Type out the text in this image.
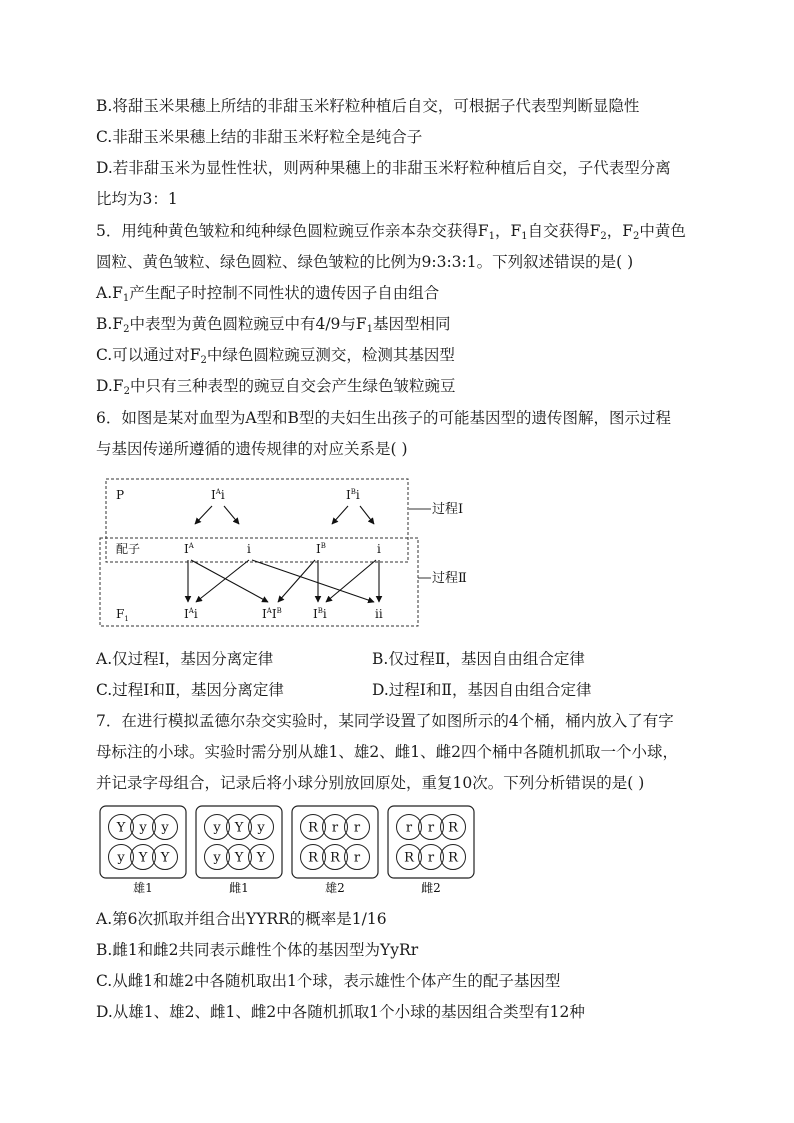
B.将甜玉米果穗上所结的非甜玉米籽粒种植后自交，可根据子代表型判断显隐性
C.非甜玉米果穗上结的非甜玉米籽粒全是纯合子
D.若非甜玉米为显性性状，则两种果穗上的非甜玉米籽粒种植后自交，子代表型分离
比均为3：1
5．用纯种黄色皱粒和纯种绿色圆粒豌豆作亲本杂交获得$F_1$，$F_1$自交获得$F_2$，$F_2$中黄色
圆粒、黄色皱粒、绿色圆粒、绿色皱粒的比例为9:3:3:1。下列叙述错误的是( )
$A.F_1$产生配子时控制不同性状的遗传因子自由组合
$B.F_2$中表型为黄色圆粒豌豆中有4/9与$F_1$基因型相同
C.可以通过对$F_2$中绿色圆粒豌豆测交，检测其基因型
$D.F_2$中只有三种表型的豌豆自交会产生绿色皱粒豌豆
6．如图是某对血型为A型和B型的夫妇生出孩子的可能基因型的遗传图解，图示过程
与基因传递所遵循的遗传规律的对应关系是( )
过程Ⅰ
过程Ⅱ
P	$I^Ai$	$I^Bi$
配子	$I^A$	i	$I^B$	i
$F_1$	$I^Ai$	$I^AI^B$	$I^Bi$	ii
A.仅过程Ⅰ，基因分离定律	B.仅过程Ⅱ，基因自由组合定律
C.过程Ⅰ和Ⅱ，基因分离定律	D.过程Ⅰ和Ⅱ，基因自由组合定律
7．在进行模拟孟德尔杂交实验时，某同学设置了如图所示的4个桶，桶内放入了有字
母标注的小球。实验时需分别从雄1、雄2、雌1、雌2四个桶中各随机抓取一个小球，
并记录字母组合，记录后将小球分别放回原处，重复10次。下列分析错误的是( )
Y y y
y Y Y
雄1
y Y y
y Y Y
雌1
R r r
R R r
雄2
r r R
R r R
雌2
A.第6次抓取并组合出YYRR的概率是1/16
B.雌1和雌2共同表示雌性个体的基因型为YyRr
C.从雌1和雄2中各随机取出1个球，表示雄性个体产生的配子基因型
D.从雄1、雄2、雌1、雌2中各随机抓取1个小球的基因组合类型有12种
